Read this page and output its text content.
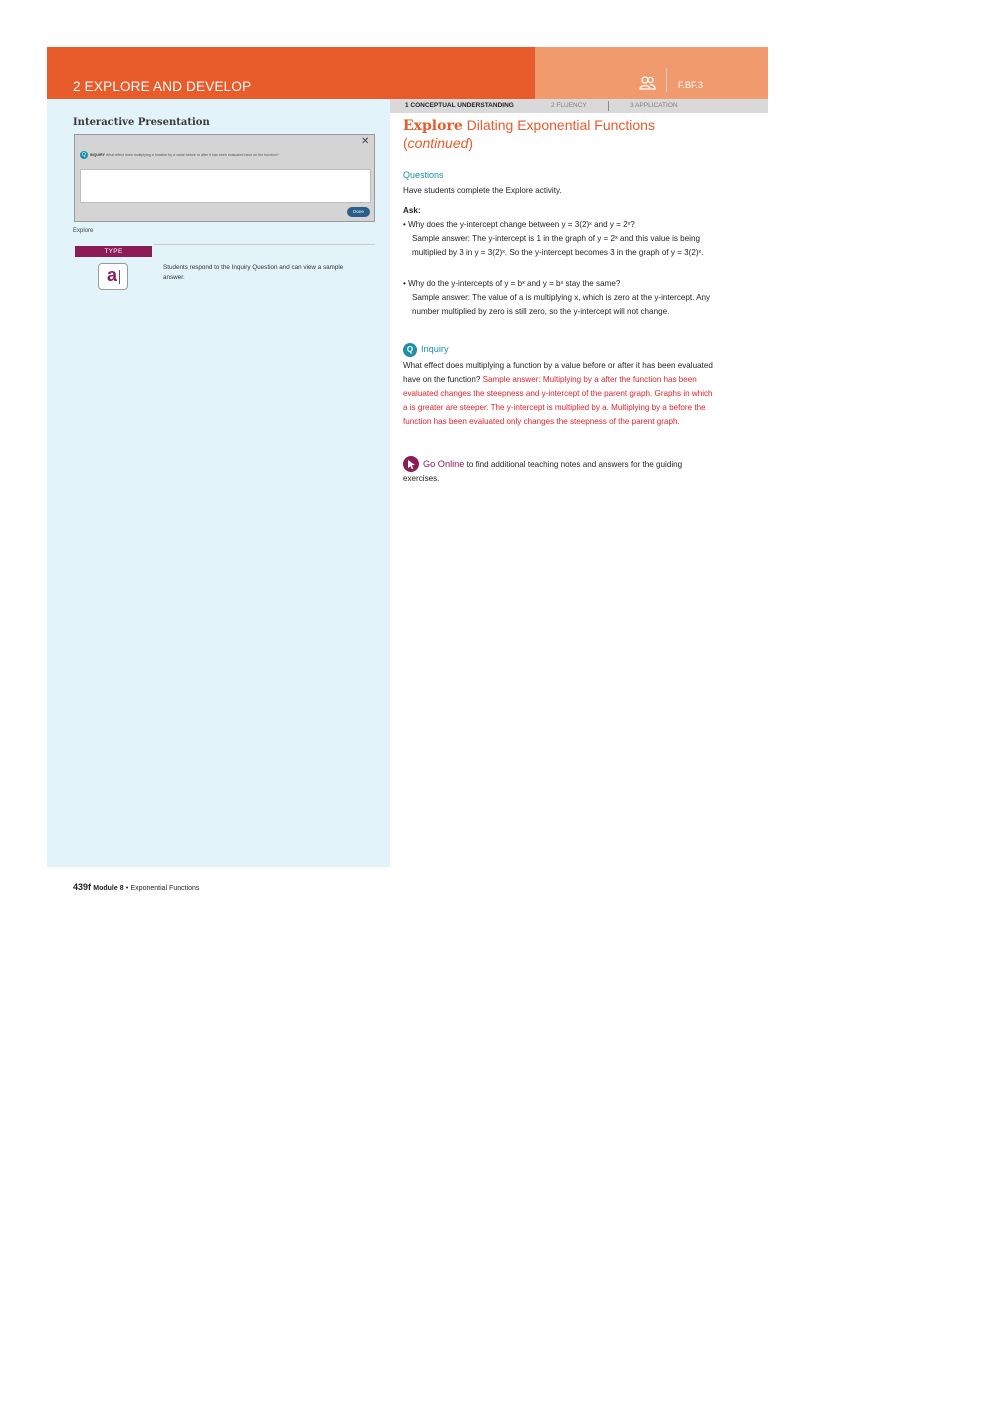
2 EXPLORE AND DEVELOP	F.BF.3
1 CONCEPTUAL UNDERSTANDING	2 FLUENCY	3 APPLICATION
Interactive Presentation
✕
Q	INQUIRY What effect does multiplying a function by a value before or after it has been evaluated have on the function?
Done
Explore
TYPE
a	Students respond to the Inquiry Question and can view a sample answer.
Explore Dilating Exponential Functions
(continued)
Questions
Have students complete the Explore activity.
Ask:
• Why does the y-intercept change between y = 3(2)ˣ and y = 2ˣ?
Sample answer: The y-intercept is 1 in the graph of y = 2ˣ and this value is being multiplied by 3 in y = 3(2)ˣ. So the y-intercept becomes 3 in the graph of y = 3(2)ˣ.
• Why do the y-intercepts of y = bˣ and y = bˣ stay the same?
Sample answer: The value of a is multiplying x, which is zero at the y-intercept. Any number multiplied by zero is still zero, so the y-intercept will not change.
Q Inquiry
What effect does multiplying a function by a value before or after it has been evaluated have on the function? Sample answer: Multiplying by a after the function has been evaluated changes the steepness and y-intercept of the parent graph. Graphs in which a is greater are steeper. The y-intercept is multiplied by a. Multiplying by a before the function has been evaluated only changes the steepness of the parent graph.
Go Online to find additional teaching notes and answers for the guiding exercises.
439f Module 8 • Exponential Functions
